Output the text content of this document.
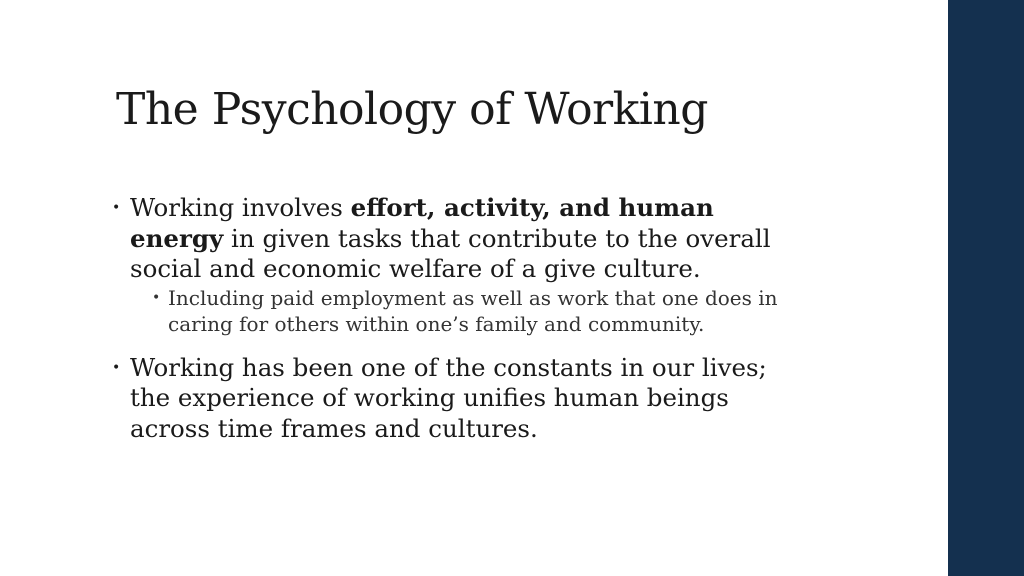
The Psychology of Working
• Working involves effort, activity, and human energy in given tasks that contribute to the overall social and economic welfare of a give culture.
• Including paid employment as well as work that one does in caring for others within one’s family and community.
• Working has been one of the constants in our lives; the experience of working unifies human beings across time frames and cultures.
